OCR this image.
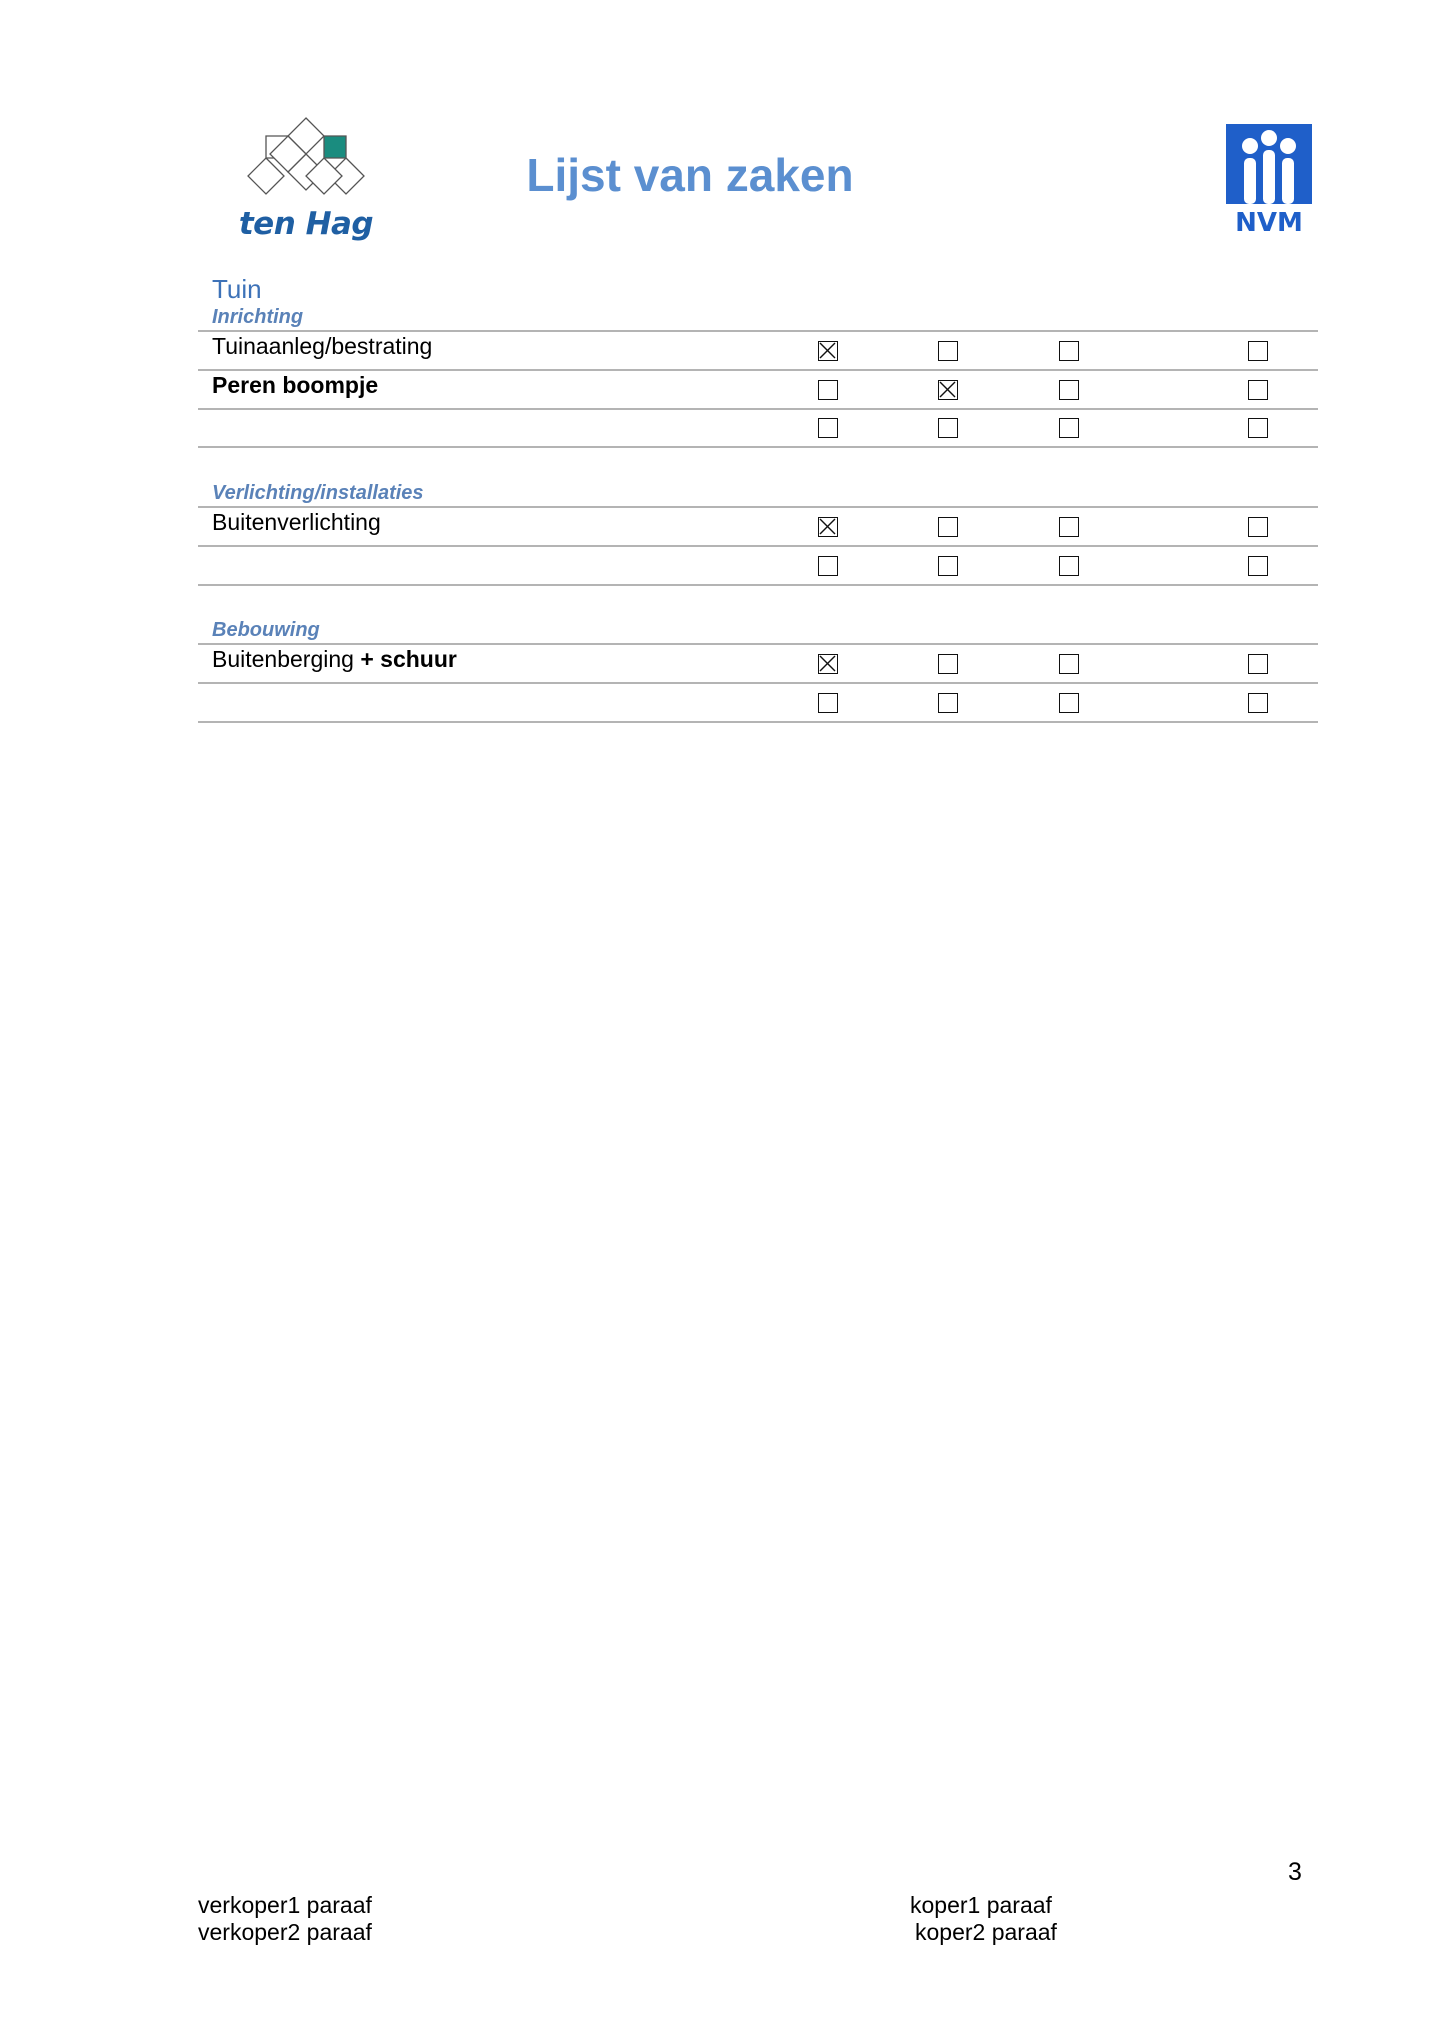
ten Hag
Lijst van zaken
NVM
Tuin
Inrichting
Tuinaanleg/bestrating
Peren boompje
Verlichting/installaties
Buitenverlichting
Bebouwing
Buitenberging + schuur
3
verkoper1 paraaf
verkoper2 paraaf
koper1 paraaf
koper2 paraaf
